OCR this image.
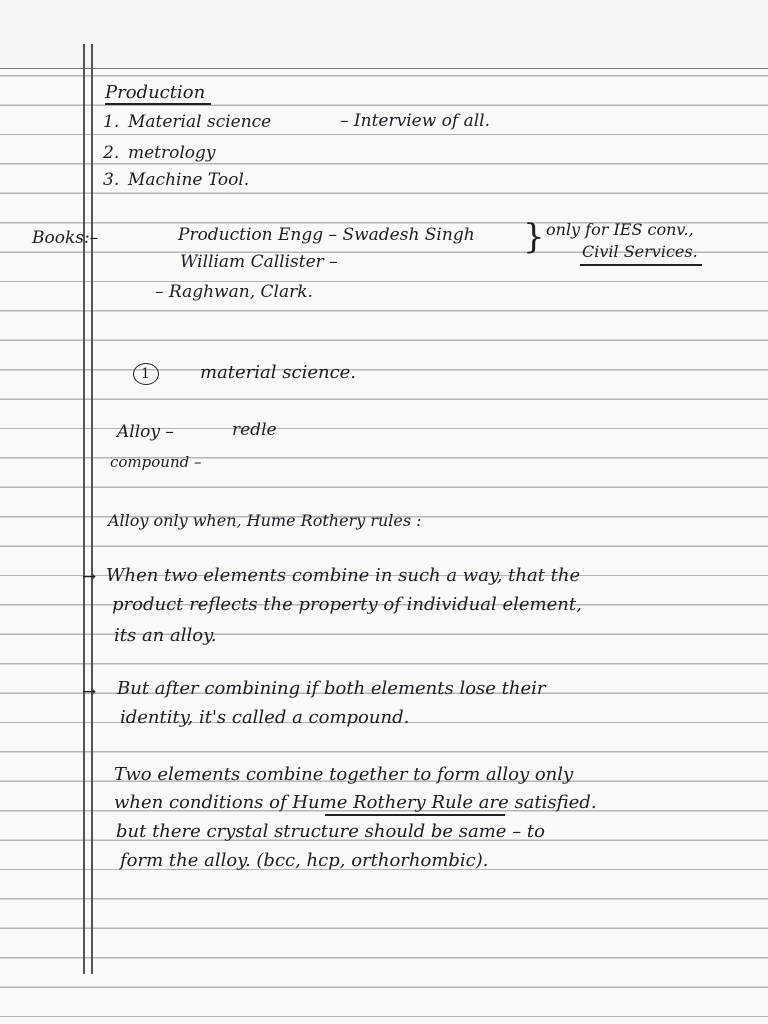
Production
1. Material science
2. metrology
3. Machine Tool.
– Interview of all.
Books:–	Production Engg – Swadesh Singh
William Callister –
– Raghwan, Clark.
} only for IES conv.,
Civil Services.
1	material science.
Alloy –	redle
compound –
Alloy only when, Hume Rothery rules :
→ When two elements combine in such a way, that the
product reflects the property of individual element,
its an alloy.
→ But after combining if both elements lose their
identity, it's called a compound.
Two elements combine together to form alloy only
when conditions of Hume Rothery Rule are satisfied.
but there crystal structure should be same – to
form the alloy. (bcc, hcp, orthorhombic).
